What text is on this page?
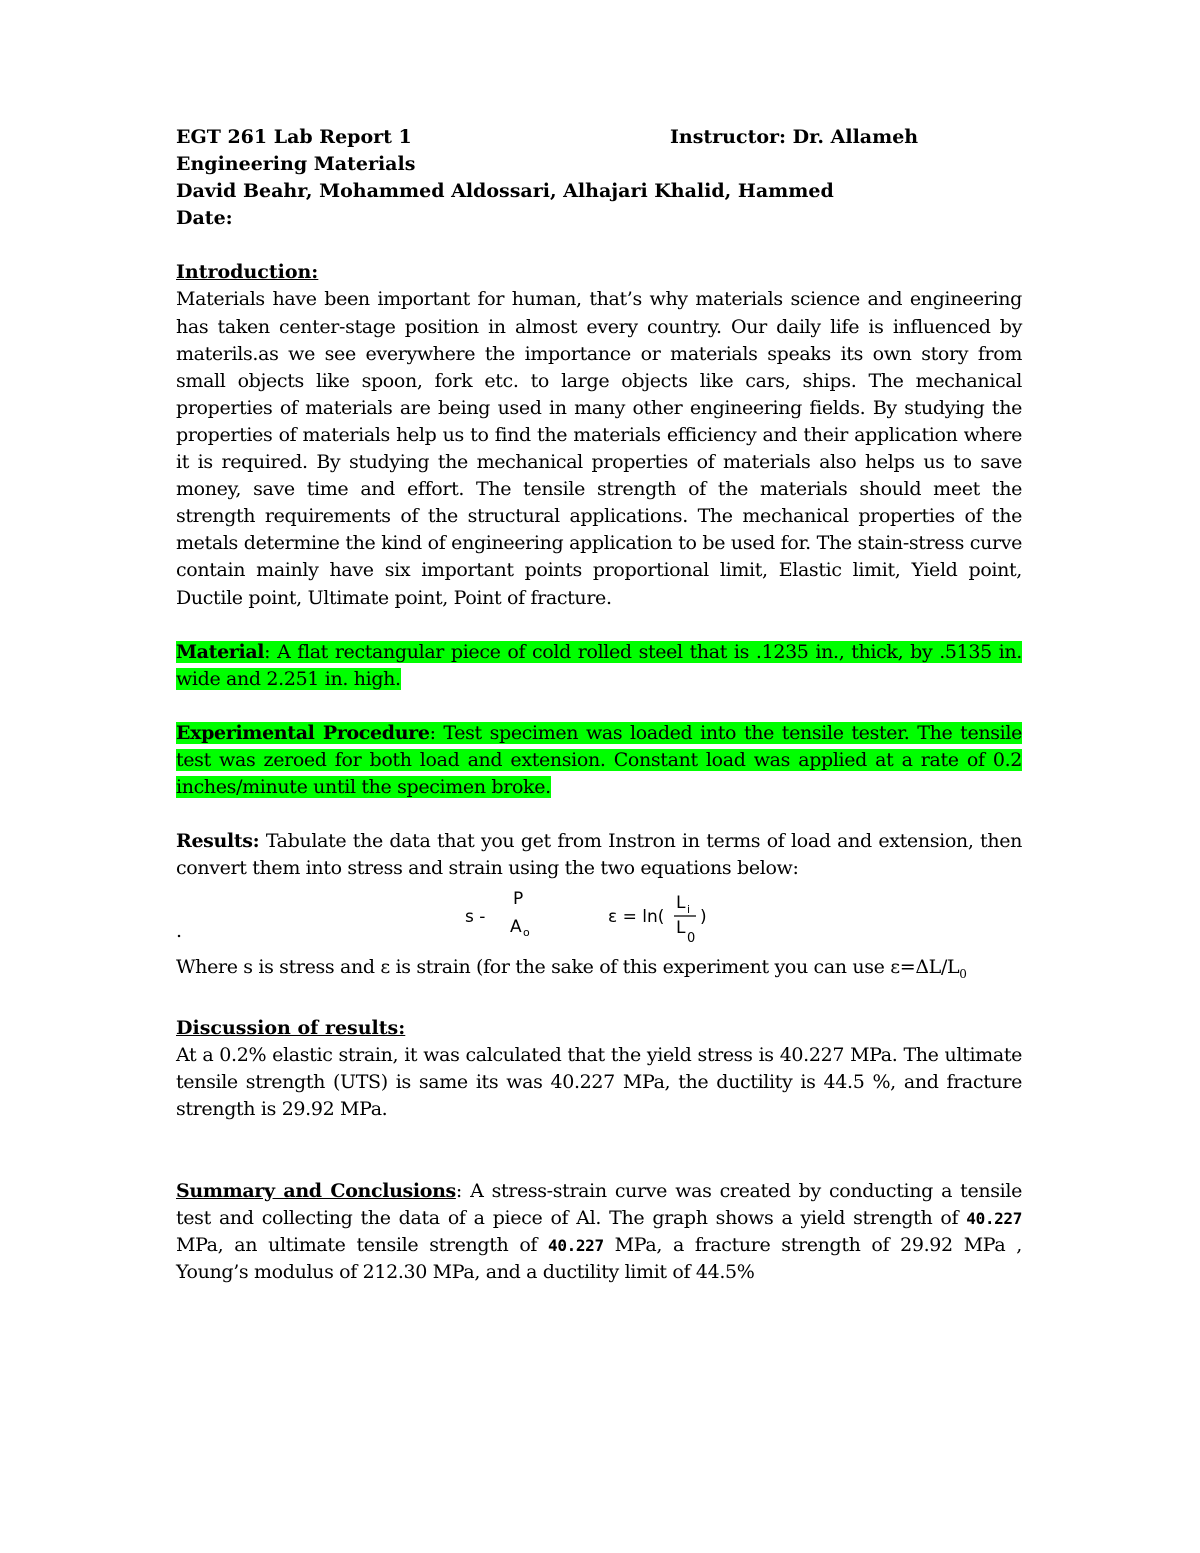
EGT 261 Lab Report 1	Instructor: Dr. Allameh
Engineering Materials
David Beahr, Mohammed Aldossari, Alhajari Khalid, Hammed
Date:
Introduction:

Materials have been important for human, that’s why materials science and engineering has taken center-stage position in almost every country. Our daily life is influenced by materils.as we see everywhere the importance or materials speaks its own story from small objects like spoon, fork etc. to large objects like cars, ships. The mechanical properties of materials are being used in many other engineering fields. By studying the properties of materials help us to find the materials efficiency and their application where it is required. By studying the mechanical properties of materials also helps us to save money, save time and effort. The tensile strength of the materials should meet the strength requirements of the structural applications. The mechanical properties of the metals determine the kind of engineering application to be used for. The stain-stress curve contain mainly have six important points proportional limit, Elastic limit, Yield point, Ductile point, Ultimate point, Point of fracture.

Material: A flat rectangular piece of cold rolled steel that is .1235 in., thick, by .5135 in. wide and 2.251 in. high.

Experimental Procedure: Test specimen was loaded into the tensile tester. The tensile test was zeroed for both load and extension. Constant load was applied at a rate of 0.2 inches/minute until the specimen broke.

Results: Tabulate the data that you get from Instron in terms of load and extension, then convert them into stress and strain using the two equations below:

.
s -
P
A o
ε = ln(
L i
L
0
)

Where s is stress and ε is strain (for the sake of this experiment you can use $\varepsilon=\Delta L/L_0$

Discussion of results:

At a 0.2% elastic strain, it was calculated that the yield stress is 40.227 MPa. The ultimate tensile strength (UTS) is same its was 40.227 MPa, the ductility is 44.5 %, and fracture strength is 29.92 MPa.

Summary and Conclusions: A stress-strain curve was created by conducting a tensile test and collecting the data of a piece of Al. The graph shows a yield strength of 40.227 MPa, an ultimate tensile strength of 40.227 MPa, a fracture strength of 29.92 MPa , Young’s modulus of 212.30 MPa, and a ductility limit of 44.5%
